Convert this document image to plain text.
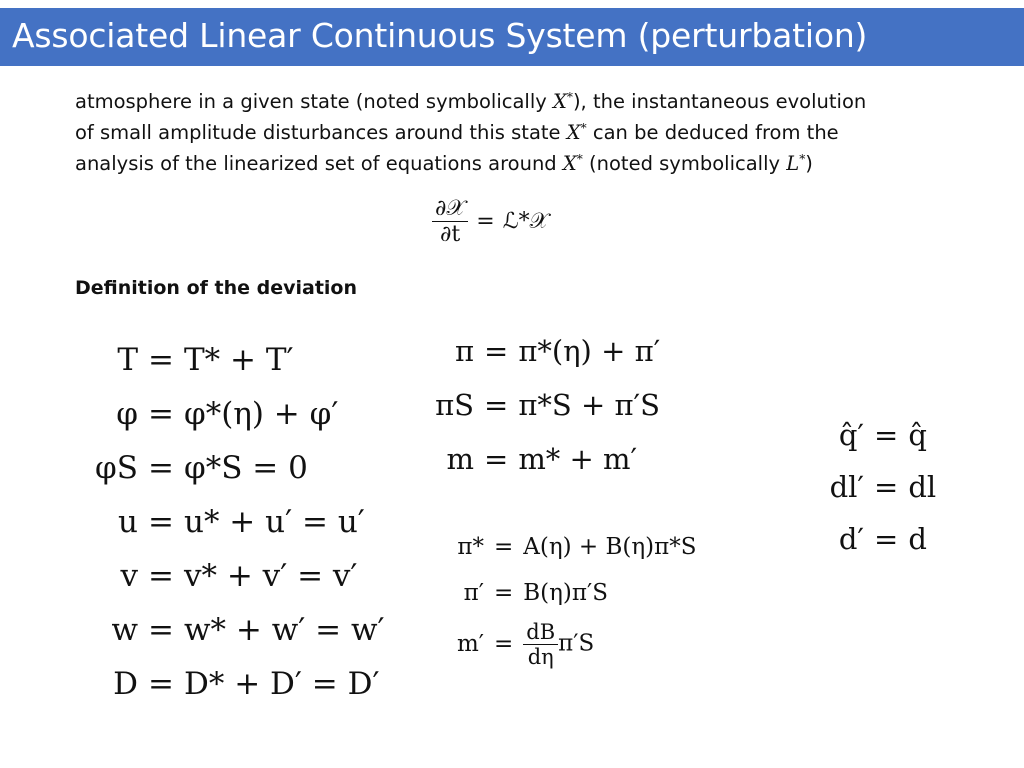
Associated Linear Continuous System (perturbation)
atmosphere in a given state (noted symbolically X*), the instantaneous evolution
of small amplitude disturbances around this state X* can be deduced from the
analysis of the linearized set of equations around X* (noted symbolically L*)
$\frac{\text{∂𝒳}}{\partial t}$ = ℒ*𝒳
Definition of the deviation
T = T* + T′
φ = φ*(η) + φ′
φS = φ*S = 0
u = u* + u′ = u′
v = v* + v′ = v′
w = w* + w′ = w′
D = D* + D′ = D′
π = π*(η) + π′
πS = π*S + π′S
m = m* + m′
π* = A(η) + B(η)π*S
π′ = B(η)π′S
$m' = \frac{dB}{d\eta} \pi'S$
q̂′ = q̂
dl′ = dl
d′ = d
